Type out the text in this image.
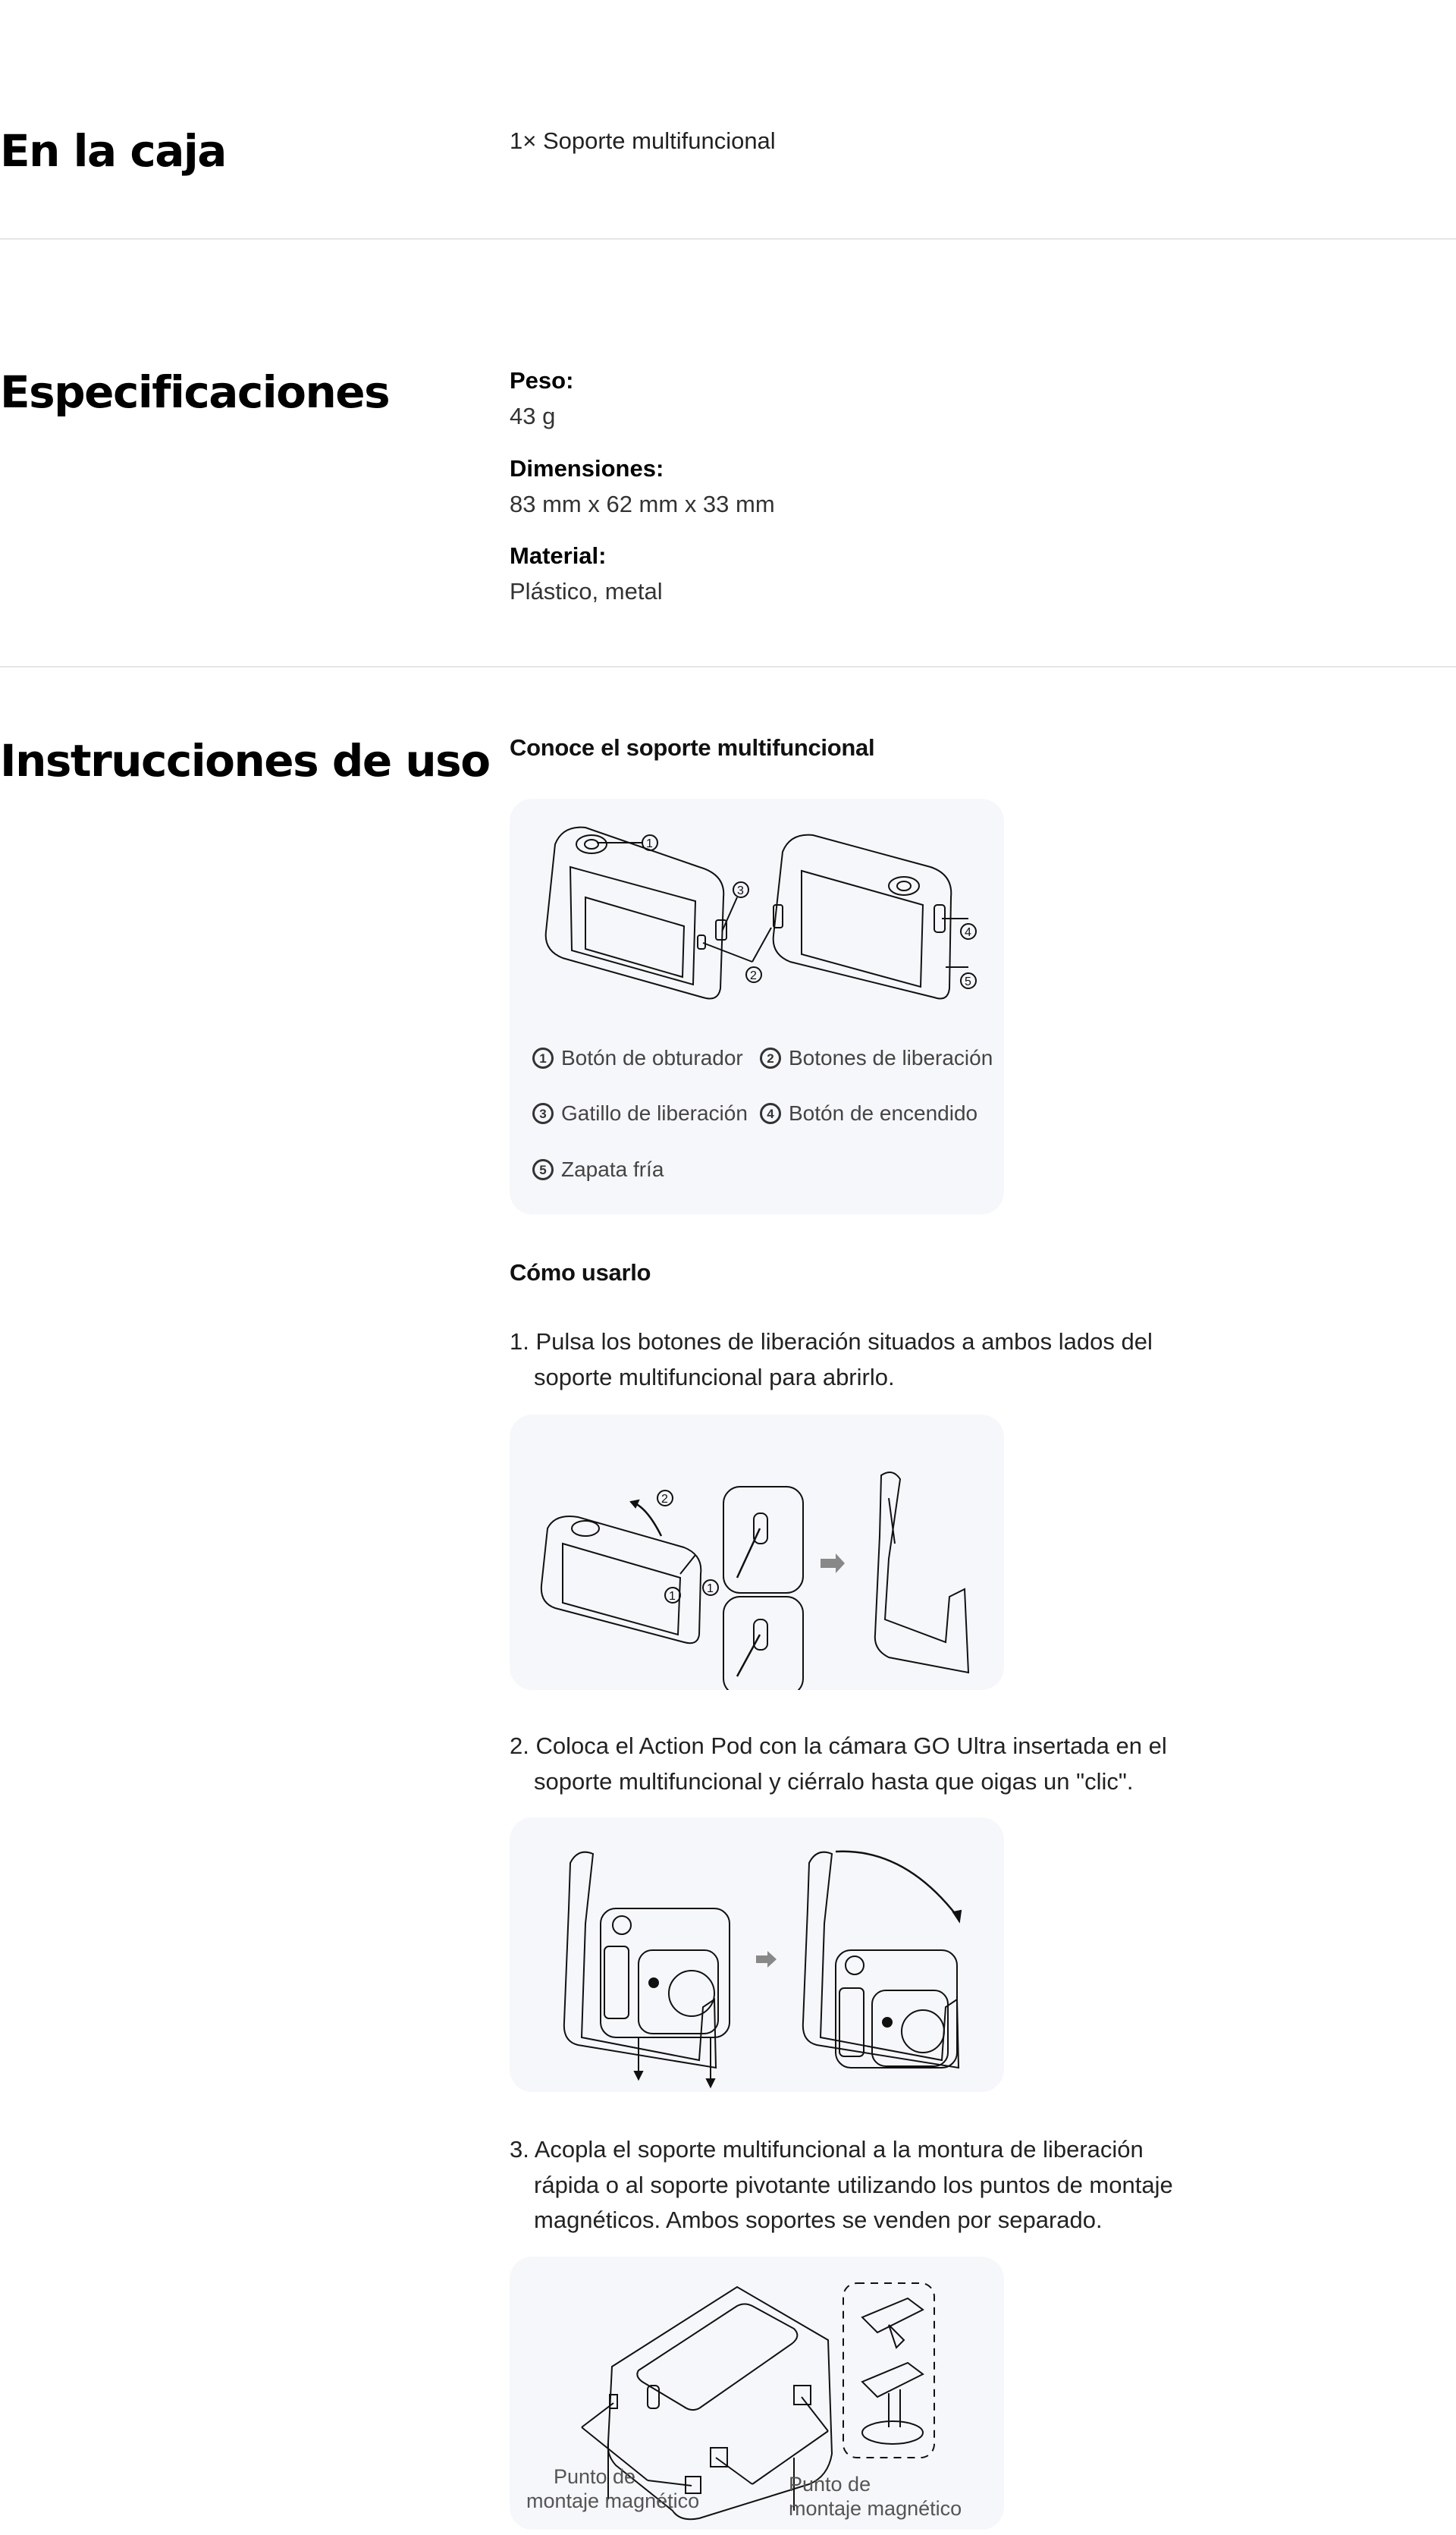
En la caja	1× Soporte multifuncional
Especificaciones	Peso:
43 g
Dimensiones:
83 mm x 62 mm x 33 mm
Material:
Plástico, metal
Instrucciones de uso Conoce el soporte multifuncional
1
3
2
4
5
1 Botón de obturador	2 Botones de liberación
3 Gatillo de liberación	4 Botón de encendido
5 Zapata fría
Cómo usarlo
1. Pulsa los botones de liberación situados a ambos lados del
soporte multifuncional para abrirlo.
2
1
1
2. Coloca el Action Pod con la cámara GO Ultra insertada en el
soporte multifuncional y ciérralo hasta que oigas un "clic".
3. Acopla el soporte multifuncional a la montura de liberación
rápida o al soporte pivotante utilizando los puntos de montaje
magnéticos. Ambos soportes se venden por separado.
Punto de
montaje magnético
Punto de
montaje magnético
